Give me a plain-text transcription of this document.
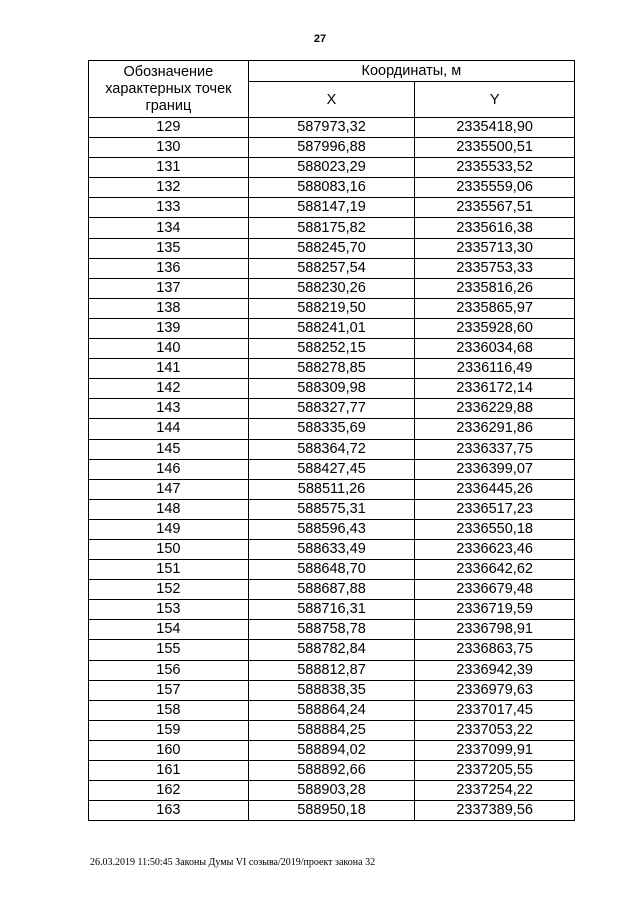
27
Обозначение характерных точек границ	Координаты, м	
	X	Y
129	587973,32	2335418,90
130	587996,88	2335500,51
131	588023,29	2335533,52
132	588083,16	2335559,06
133	588147,19	2335567,51
134	588175,82	2335616,38
135	588245,70	2335713,30
136	588257,54	2335753,33
137	588230,26	2335816,26
138	588219,50	2335865,97
139	588241,01	2335928,60
140	588252,15	2336034,68
141	588278,85	2336116,49
142	588309,98	2336172,14
143	588327,77	2336229,88
144	588335,69	2336291,86
145	588364,72	2336337,75
146	588427,45	2336399,07
147	588511,26	2336445,26
148	588575,31	2336517,23
149	588596,43	2336550,18
150	588633,49	2336623,46
151	588648,70	2336642,62
152	588687,88	2336679,48
153	588716,31	2336719,59
154	588758,78	2336798,91
155	588782,84	2336863,75
156	588812,87	2336942,39
157	588838,35	2336979,63
158	588864,24	2337017,45
159	588884,25	2337053,22
160	588894,02	2337099,91
161	588892,66	2337205,55
162	588903,28	2337254,22
163	588950,18	2337389,56
26.03.2019 11:50:45 Законы Думы VI созыва/2019/проект закона 32
